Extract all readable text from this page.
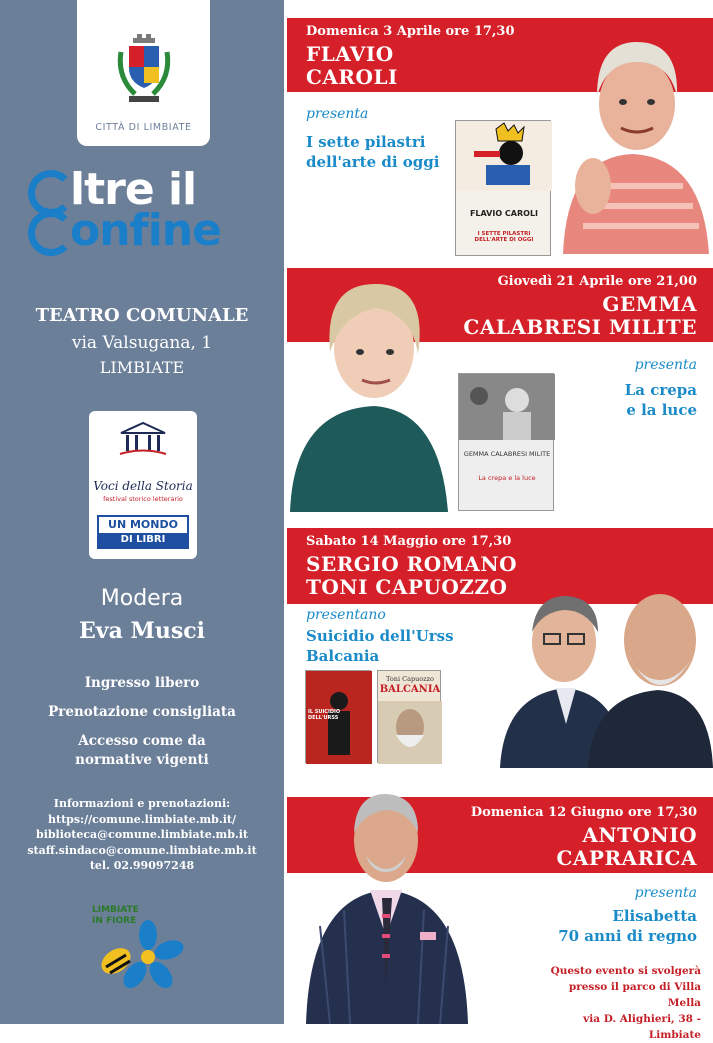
CITTÀ DI LIMBIATE
ltre il
onfine
TEATRO COMUNALE
via Valsugana, 1
LIMBIATE
Voci della Storia
festival storico letterario
UN MONDO
DI LIBRI
Modera
Eva Musci
Ingresso libero
Prenotazione consigliata
Accesso come da
normative vigenti
Informazioni e prenotazioni:
https://comune.limbiate.mb.it/
biblioteca@comune.limbiate.mb.it
staff.sindaco@comune.limbiate.mb.it
tel. 02.99097248
LIMBIATE
IN FIORE
Domenica 3 Aprile ore 17,30
FLAVIO
CAROLI
presenta
I sette pilastri
dell'arte di oggi
FLAVIO CAROLI
I SETTE PILASTRI DELL'ARTE DI OGGI
Giovedì 21 Aprile ore 21,00
GEMMA
CALABRESI MILITE
GEMMA CALABRESI MILITE
La crepa e la luce
presenta
La crepa
e la luce
Sabato 14 Maggio ore 17,30
SERGIO ROMANO
TONI CAPUOZZO
presentano
Suicidio dell'Urss
Balcania
IL SUICIDIO DELL'URSS
Toni Capuozzo
BALCANIA
Domenica 12 Giugno ore 17,30
ANTONIO
CAPRARICA
presenta
Elisabetta
70 anni di regno
Questo evento si svolgerà
presso il parco di Villa Mella
via D. Alighieri, 38 - Limbiate
